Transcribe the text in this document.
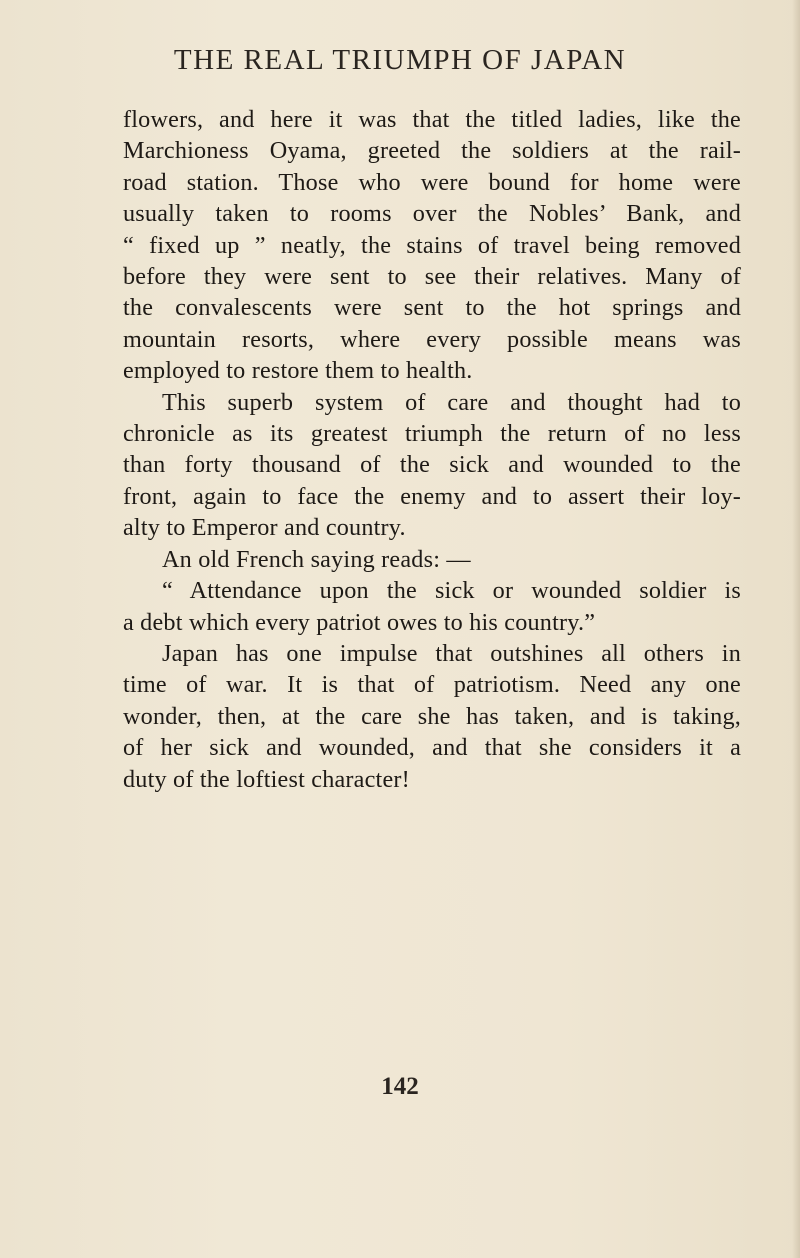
THE REAL TRIUMPH OF JAPAN

flowers, and here it was that the titled ladies, like the

Marchioness Oyama, greeted the soldiers at the rail-

road station. Those who were bound for home were

usually taken to rooms over the Nobles’ Bank, and

“ fixed up ” neatly, the stains of travel being removed

before they were sent to see their relatives. Many of

the convalescents were sent to the hot springs and

mountain resorts, where every possible means was

employed to restore them to health.

This superb system of care and thought had to

chronicle as its greatest triumph the return of no less

than forty thousand of the sick and wounded to the

front, again to face the enemy and to assert their loy-

alty to Emperor and country.

An old French saying reads: —

“ Attendance upon the sick or wounded soldier is

a debt which every patriot owes to his country.”

Japan has one impulse that outshines all others in

time of war. It is that of patriotism. Need any one

wonder, then, at the care she has taken, and is taking,

of her sick and wounded, and that she considers it a

duty of the loftiest character!

142
